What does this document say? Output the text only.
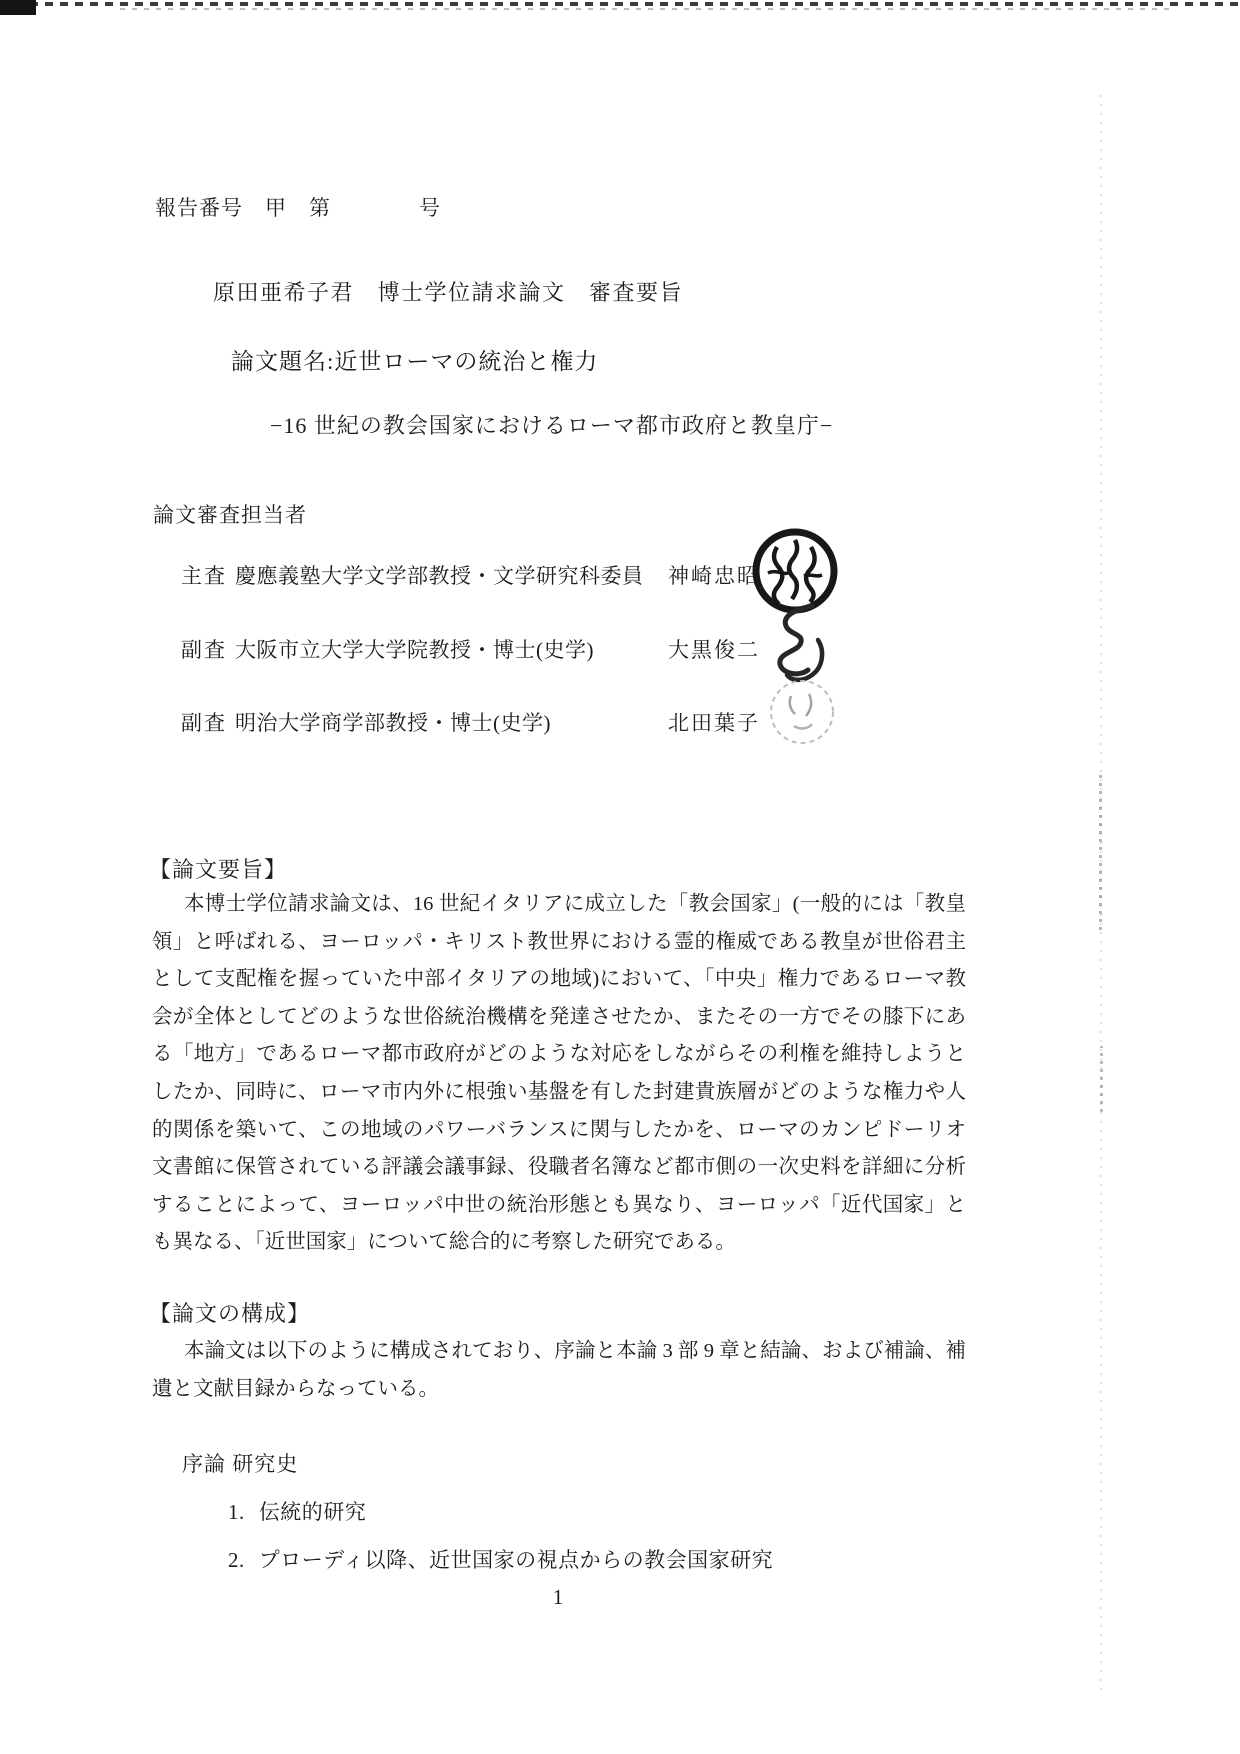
報告番号　甲　第　　　　号
原田亜希子君　博士学位請求論文　審査要旨
論文題名:近世ローマの統治と権力
−16 世紀の教会国家におけるローマ都市政府と教皇庁−
論文審査担当者
主査 慶應義塾大学文学部教授・文学研究科委員 神崎忠昭
副査 大阪市立大学大学院教授・博士(史学)	大黒俊二
副査 明治大学商学部教授・博士(史学)	北田葉子
【論文要旨】
本博士学位請求論文は、16 世紀イタリアに成立した「教会国家」(一般的には「教皇領」と呼ばれる、ヨーロッパ・キリスト教世界における霊的権威である教皇が世俗君主として支配権を握っていた中部イタリアの地域)において、「中央」権力であるローマ教会が全体としてどのような世俗統治機構を発達させたか、またその一方でその膝下にある「地方」であるローマ都市政府がどのような対応をしながらその利権を維持しようとしたか、同時に、ローマ市内外に根強い基盤を有した封建貴族層がどのような権力や人的関係を築いて、この地域のパワーバランスに関与したかを、ローマのカンピドーリオ文書館に保管されている評議会議事録、役職者名簿など都市側の一次史料を詳細に分析することによって、ヨーロッパ中世の統治形態とも異なり、ヨーロッパ「近代国家」とも異なる、「近世国家」について総合的に考察した研究である。
【論文の構成】
本論文は以下のように構成されており、序論と本論 3 部 9 章と結論、および補論、補遺と文献目録からなっている。
序論 研究史
1. 伝統的研究
2. プローディ以降、近世国家の視点からの教会国家研究
1
